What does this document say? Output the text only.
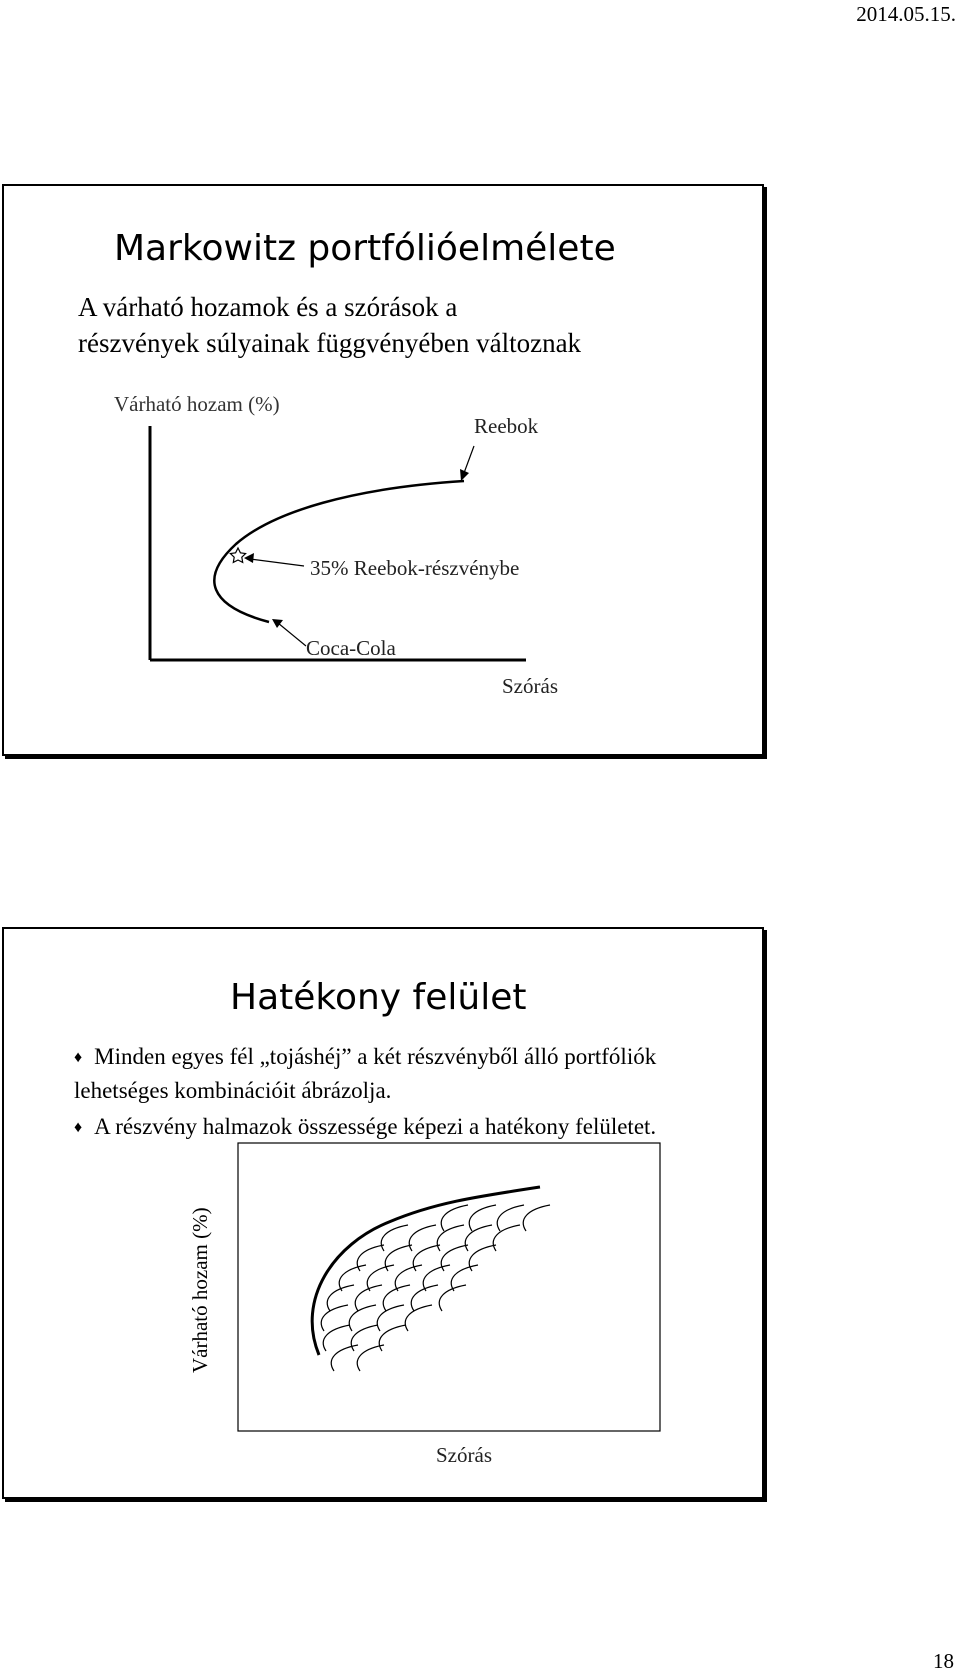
2014.05.15.
Markowitz portfólióelmélete
A várható hozamok és a szórások a
részvények súlyainak függvényében változnak
Várható hozam (%)
Reebok
35% Reebok-részvénybe
Coca-Cola
Szórás
Hatékony felület
♦ Minden egyes fél „tojáshéj” a két részvényből álló portfóliók
lehetséges kombinációit ábrázolja.
♦ A részvény halmazok összessége képezi a hatékony felületet.
Várható hozam (%)
Szórás
18
